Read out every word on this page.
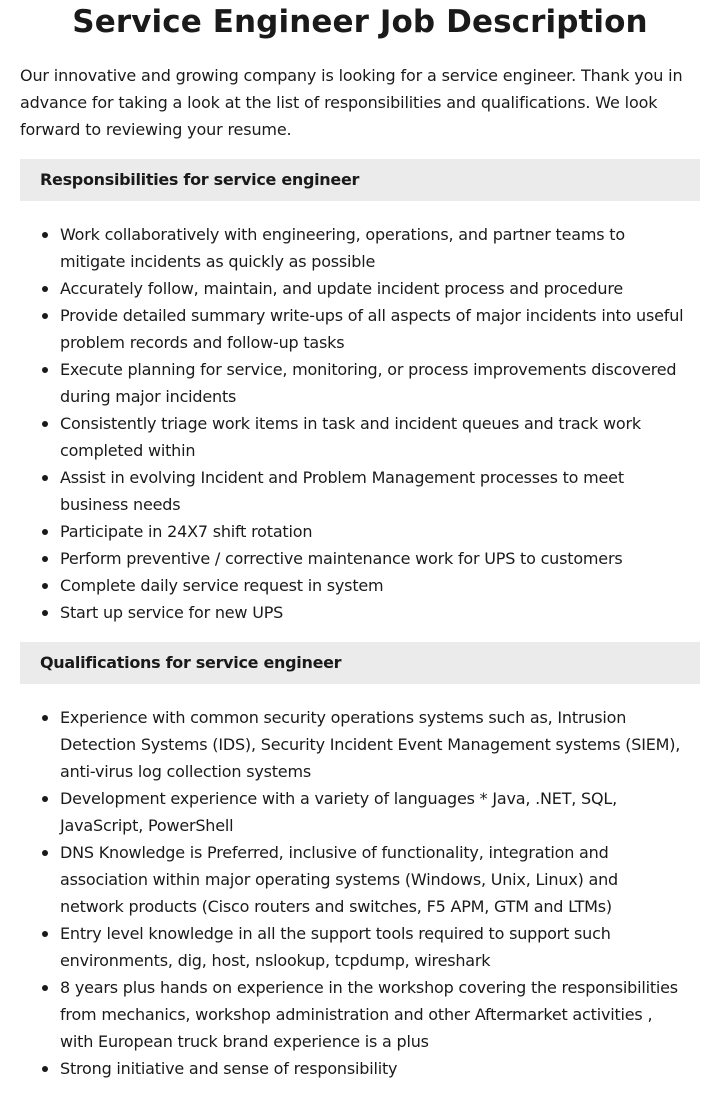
Service Engineer Job Description

Our innovative and growing company is looking for a service engineer. Thank you in advance for taking a look at the list of responsibilities and qualifications. We look forward to reviewing your resume.

Responsibilities for service engineer
Work collaboratively with engineering, operations, and partner teams to mitigate incidents as quickly as possible
Accurately follow, maintain, and update incident process and procedure
Provide detailed summary write-ups of all aspects of major incidents into useful problem records and follow-up tasks
Execute planning for service, monitoring, or process improvements discovered during major incidents
Consistently triage work items in task and incident queues and track work completed within
Assist in evolving Incident and Problem Management processes to meet business needs
Participate in 24X7 shift rotation
Perform preventive / corrective maintenance work for UPS to customers
Complete daily service request in system
Start up service for new UPS
Qualifications for service engineer
Experience with common security operations systems such as, Intrusion Detection Systems (IDS), Security Incident Event Management systems (SIEM), anti-virus log collection systems
Development experience with a variety of languages * Java, .NET, SQL, JavaScript, PowerShell
DNS Knowledge is Preferred, inclusive of functionality, integration and association within major operating systems (Windows, Unix, Linux) and network products (Cisco routers and switches, F5 APM, GTM and LTMs)
Entry level knowledge in all the support tools required to support such environments, dig, host, nslookup, tcpdump, wireshark
8 years plus hands on experience in the workshop covering the responsibilities from mechanics, workshop administration and other Aftermarket activities , with European truck brand experience is a plus
Strong initiative and sense of responsibility
